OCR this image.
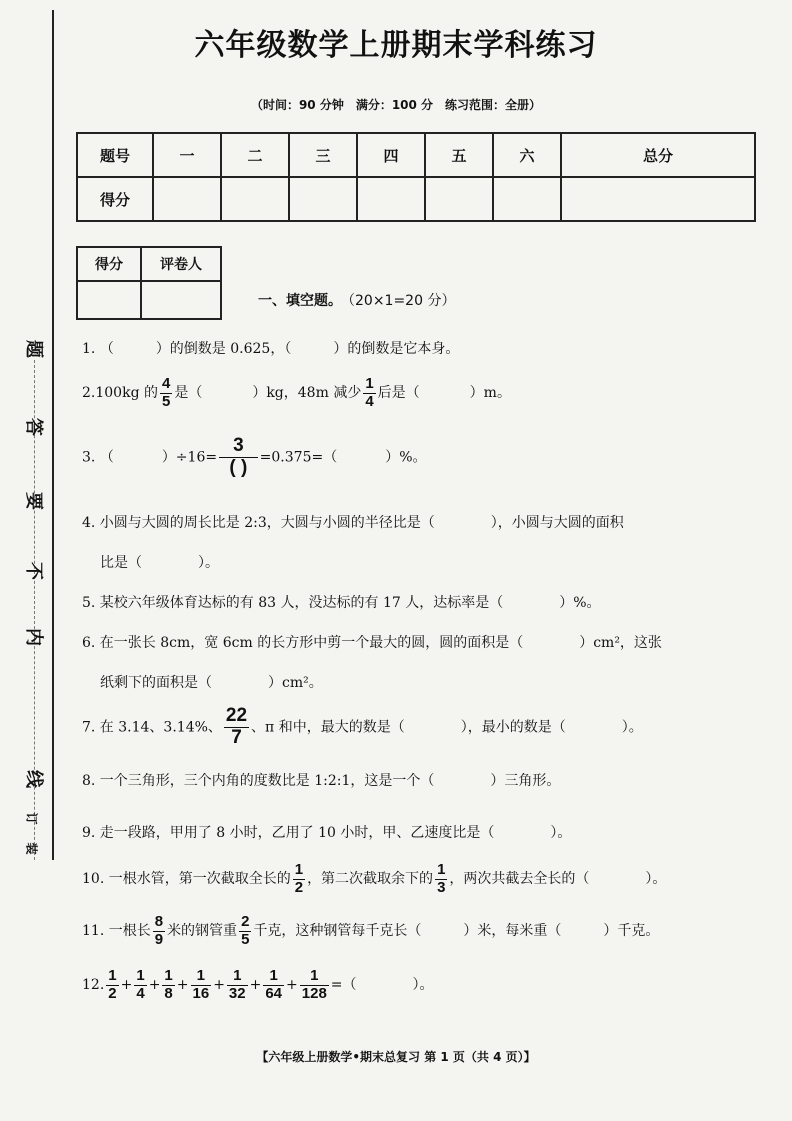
题
答
要
不
内
线
订
装
六年级数学上册期末学科练习
（时间：90 分钟　满分：100 分　练习范围：全册）
题号	一	二	三	四	五	六	总分
得分							
得分	评卷人

一、填空题。 （20×1=20 分）
1. （	）的倒数是 0.625，（	）的倒数是它本身。
2.100kg 的 $\frac{4}{5}$ 是（	）kg，48m 减少 $\frac{1}{4}$ 后是（	）m。
3. （	）$\div 16= \frac{3}{( )} =0.375=$（	）%。
4. 小圆与大圆的周长比是 2:3，大圆与小圆的半径比是（　　　　），小圆与大圆的面积
比是（　　　　）。
5. 某校六年级体育达标的有 83 人，没达标的有 17 人，达标率是（　　　　）%。
6. 在一张长 8cm，宽 6cm 的长方形中剪一个最大的圆，圆的面积是（　　　　）cm²，这张
纸剩下的面积是（　　　　）cm²。
7. 在 3.14、3.14%、 $\frac{22}{7}$ 、π 和中，最大的数是（　　　　），最小的数是（　　　　）。
8. 一个三角形，三个内角的度数比是 1:2:1，这是一个（　　　　）三角形。
9. 走一段路，甲用了 8 小时，乙用了 10 小时，甲、乙速度比是（　　　　）。
10. 一根水管，第一次截取全长的 $\frac{1}{2}$ ，第二次截取余下的 $\frac{1}{3}$ ，两次共截去全长的（　　　　）。
11. 一根长 $\frac{8}{9}$ 米的钢管重 $\frac{2}{5}$ 千克，这种钢管每千克长（　　　）米，每米重（　　　）千克。
12. $\frac{1}{2} + \frac{1}{4} + \frac{1}{8} + \frac{1}{16} + \frac{1}{32} + \frac{1}{64} + \frac{1}{128}$ =（　　　　）。
【六年级上册数学•期末总复习 第 1 页（共 4 页）】
